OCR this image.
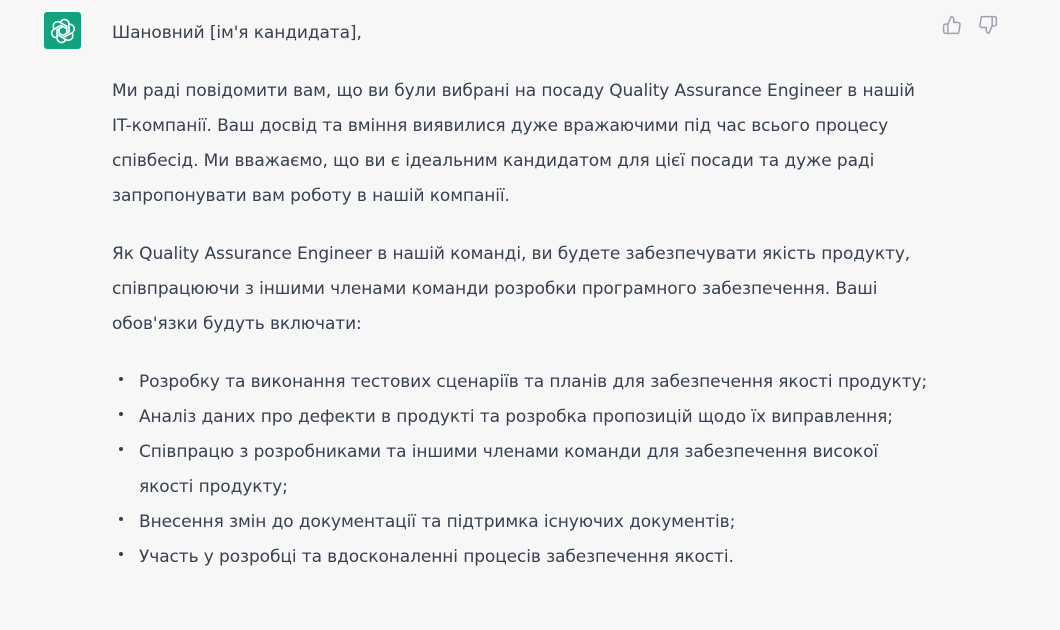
Шановний [ім'я кандидата],

Ми раді повідомити вам, що ви були вибрані на посаду Quality Assurance Engineer в нашій IT-компанії. Ваш досвід та вміння виявилися дуже вражаючими під час всього процесу співбесід. Ми вважаємо, що ви є ідеальним кандидатом для цієї посади та дуже раді запропонувати вам роботу в нашій компанії.

Як Quality Assurance Engineer в нашій команді, ви будете забезпечувати якість продукту, співпрацюючи з іншими членами команди розробки програмного забезпечення. Ваші обов'язки будуть включати:

Розробку та виконання тестових сценаріїв та планів для забезпечення якості продукту;
Аналіз даних про дефекти в продукті та розробка пропозицій щодо їх виправлення;
Співпрацю з розробниками та іншими членами команди для забезпечення високої якості продукту;
Внесення змін до документації та підтримка існуючих документів;
Участь у розробці та вдосконаленні процесів забезпечення якості.
